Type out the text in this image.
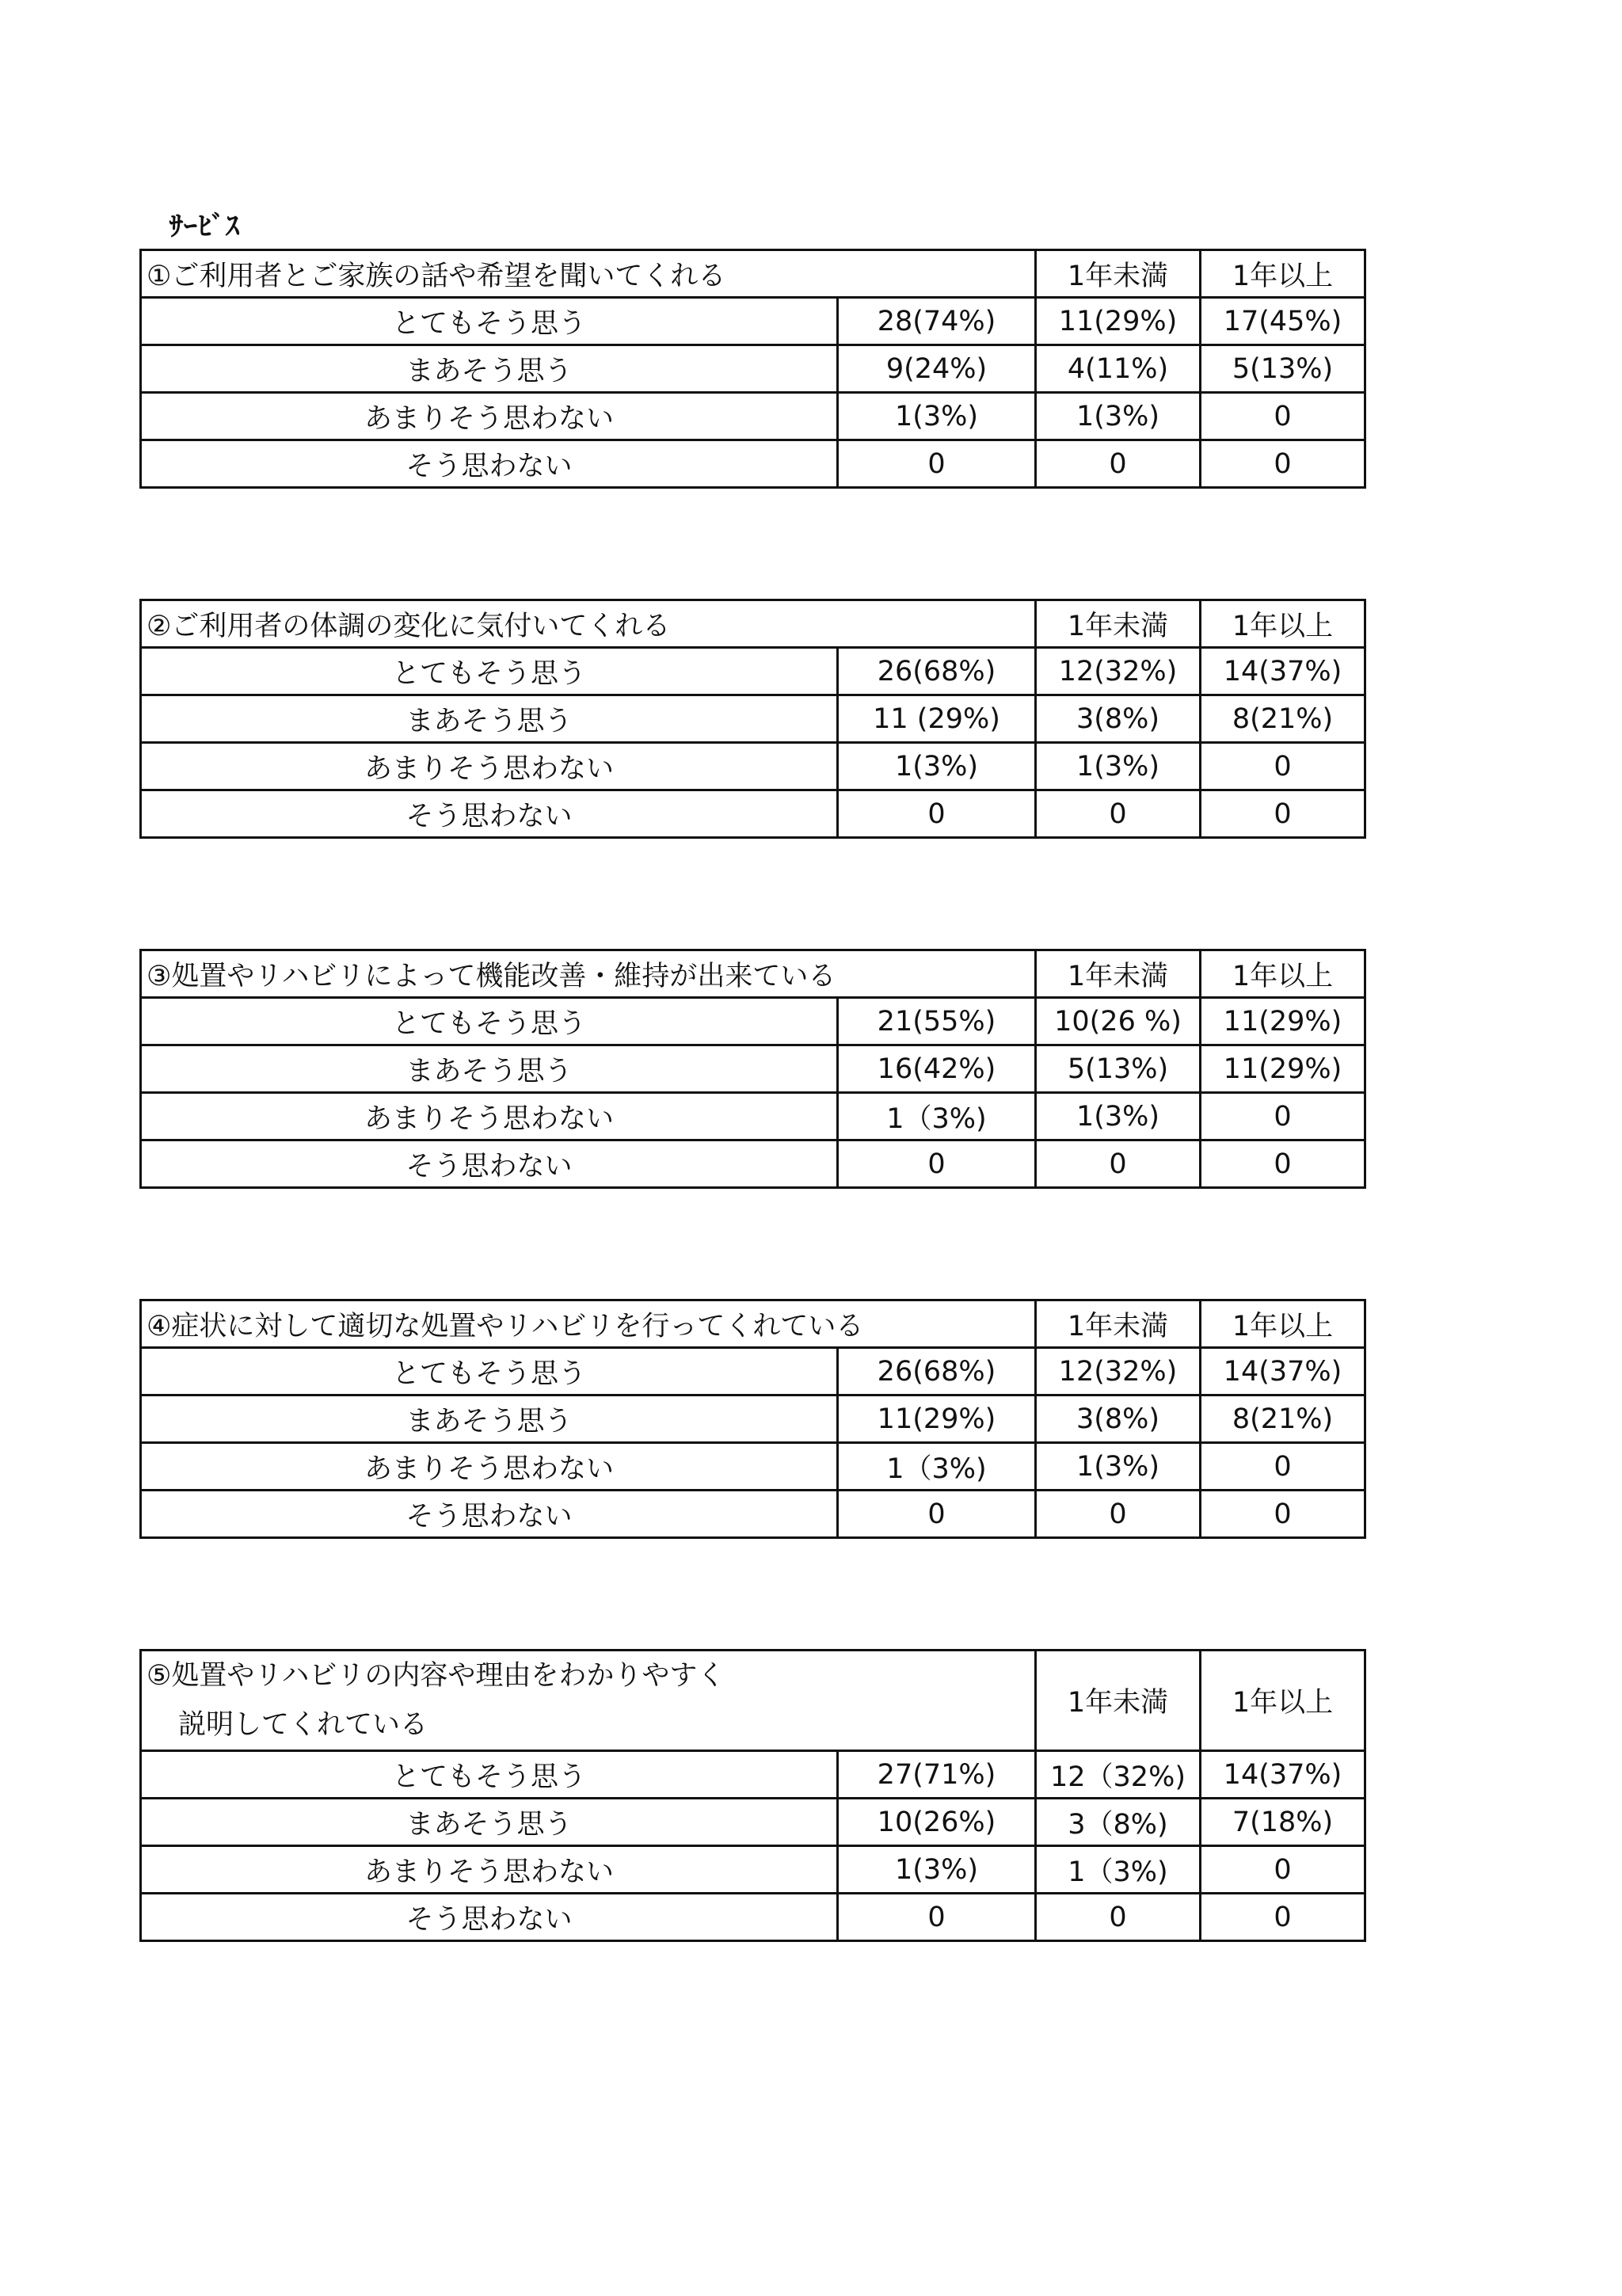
ｻｰﾋﾞｽ
①ご利用者とご家族の話や希望を聞いてくれる		1年未満	1年以上
とてもそう思う	28(74%)	11(29%)	17(45%)
まあそう思う	9(24%)	4(11%)	5(13%)
あまりそう思わない	1(3%)	1(3%)	0
そう思わない	0	0	0
②ご利用者の体調の変化に気付いてくれる		1年未満	1年以上
とてもそう思う	26(68%)	12(32%)	14(37%)
まあそう思う	11 (29%)	3(8%)	8(21%)
あまりそう思わない	1(3%)	1(3%)	0
そう思わない	0	0	0
③処置やリハビリによって機能改善・維持が出来ている		1年未満	1年以上
とてもそう思う	21(55%)	10(26 %)	11(29%)
まあそう思う	16(42%)	5(13%)	11(29%)
あまりそう思わない	1（3%)	1(3%)	0
そう思わない	0	0	0
④症状に対して適切な処置やリハビリを行ってくれている		1年未満	1年以上
とてもそう思う	26(68%)	12(32%)	14(37%)
まあそう思う	11(29%)	3(8%)	8(21%)
あまりそう思わない	1（3%)	1(3%)	0
そう思わない	0	0	0
⑤処置やリハビリの内容や理由をわかりやすく
説明してくれている		1年未満	1年以上
とてもそう思う	27(71%)	12（32%)	14(37%)
まあそう思う	10(26%)	3（8%)	7(18%)
あまりそう思わない	1(3%)	1（3%)	0
そう思わない	0	0	0
